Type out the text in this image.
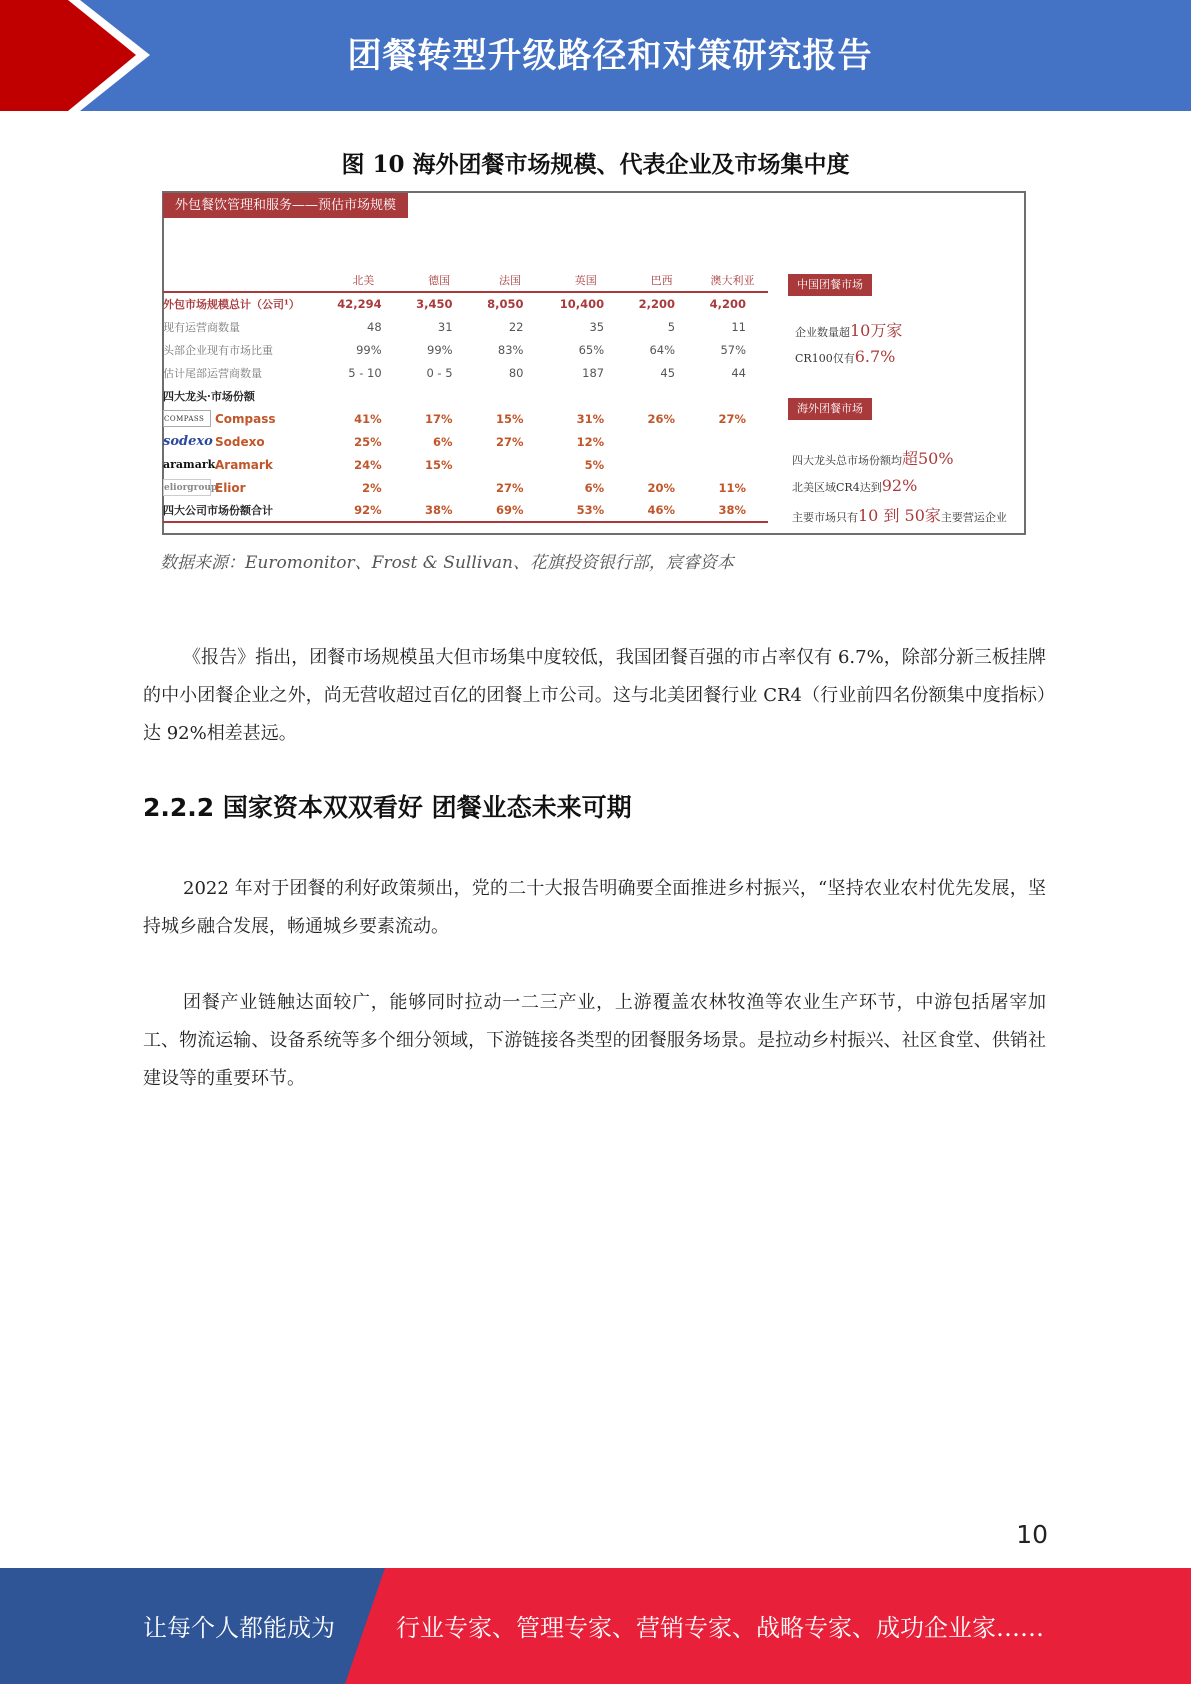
团餐转型升级路径和对策研究报告
图 10 海外团餐市场规模、代表企业及市场集中度
外包餐饮管理和服务——预估市场规模
	北美	德国	法国	英国	巴西	澳大利亚
外包市场规模总计（公司¹）	42,294	3,450	8,050	10,400	2,200	4,200
现有运营商数量	48	31	22	35	5	11
头部企业现有市场比重	99%	99%	83%	65%	64%	57%
估计尾部运营商数量	5 - 10	0 - 5	80	187	45	44
四大龙头·市场份额						

COMPASS Compass	41%	17%	15%	31%	26%	27%

sodexo Sodexo	25%	6%	27%	12%		

aramark Aramark	24%	15%		5%		

eliorgroup
Elior	2%		27%	6%	20%	11%
四大公司市场份额合计	92%	38%	69%	53%	46%	38%
中国团餐市场
企业数量超10万家
CR100仅有6.7%
海外团餐市场
四大龙头总市场份额均超50%
北美区域CR4达到92%
主要市场只有10 到 50家主要营运企业
数据来源：Euromonitor、Frost & Sullivan、花旗投资银行部，宸睿资本

《报告》指出，团餐市场规模虽大但市场集中度较低，我国团餐百强的市占率仅有 6.7%，除部分新三板挂牌的中小团餐企业之外，尚无营收超过百亿的团餐上市公司。这与北美团餐行业 CR4（行业前四名份额集中度指标）达 92%相差甚远。

2.2.2 国家资本双双看好 团餐业态未来可期

2022 年对于团餐的利好政策频出，党的二十大报告明确要全面推进乡村振兴，“坚持农业农村优先发展，坚持城乡融合发展，畅通城乡要素流动。

团餐产业链触达面较广，能够同时拉动一二三产业，上游覆盖农林牧渔等农业生产环节，中游包括屠宰加工、物流运输、设备系统等多个细分领域，下游链接各类型的团餐服务场景。是拉动乡村振兴、社区食堂、供销社建设等的重要环节。

10
让每个人都能成为	行业专家、管理专家、营销专家、战略专家、成功企业家……
